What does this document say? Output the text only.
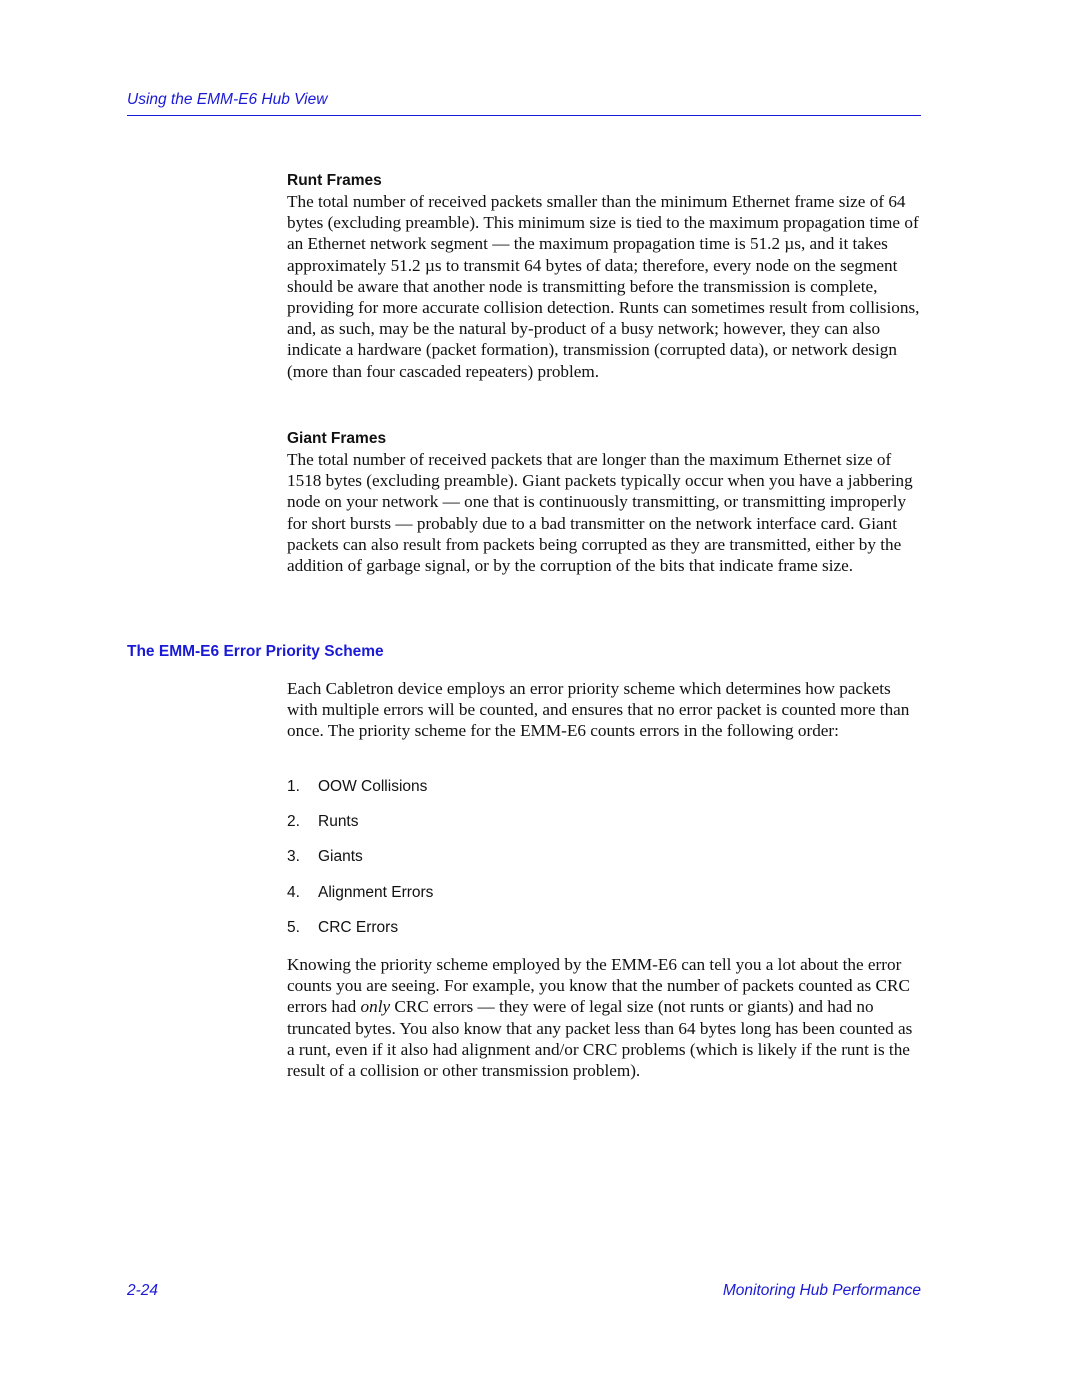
Using the EMM-E6 Hub View
Runt Frames

The total number of received packets smaller than the minimum Ethernet frame size of 64 bytes (excluding preamble). This minimum size is tied to the maximum propagation time of an Ethernet network segment — the maximum propagation time is 51.2 µs, and it takes approximately 51.2 µs to transmit 64 bytes of data; therefore, every node on the segment should be aware that another node is transmitting before the transmission is complete, providing for more accurate collision detection. Runts can sometimes result from collisions, and, as such, may be the natural by-product of a busy network; however, they can also indicate a hardware (packet formation), transmission (corrupted data), or network design (more than four cascaded repeaters) problem.

Giant Frames

The total number of received packets that are longer than the maximum Ethernet size of 1518 bytes (excluding preamble). Giant packets typically occur when you have a jabbering node on your network — one that is continuously transmitting, or transmitting improperly for short bursts — probably due to a bad transmitter on the network interface card. Giant packets can also result from packets being corrupted as they are transmitted, either by the addition of garbage signal, or by the corruption of the bits that indicate frame size.

The EMM-E6 Error Priority Scheme

Each Cabletron device employs an error priority scheme which determines how packets with multiple errors will be counted, and ensures that no error packet is counted more than once. The priority scheme for the EMM-E6 counts errors in the following order:

1. OOW Collisions
2. Runts
3. Giants
4. Alignment Errors
5. CRC Errors

Knowing the priority scheme employed by the EMM-E6 can tell you a lot about the error counts you are seeing. For example, you know that the number of packets counted as CRC errors had only CRC errors — they were of legal size (not runts or giants) and had no truncated bytes. You also know that any packet less than 64 bytes long has been counted as a runt, even if it also had alignment and/or CRC problems (which is likely if the runt is the result of a collision or other transmission problem).

2-24	Monitoring Hub Performance
